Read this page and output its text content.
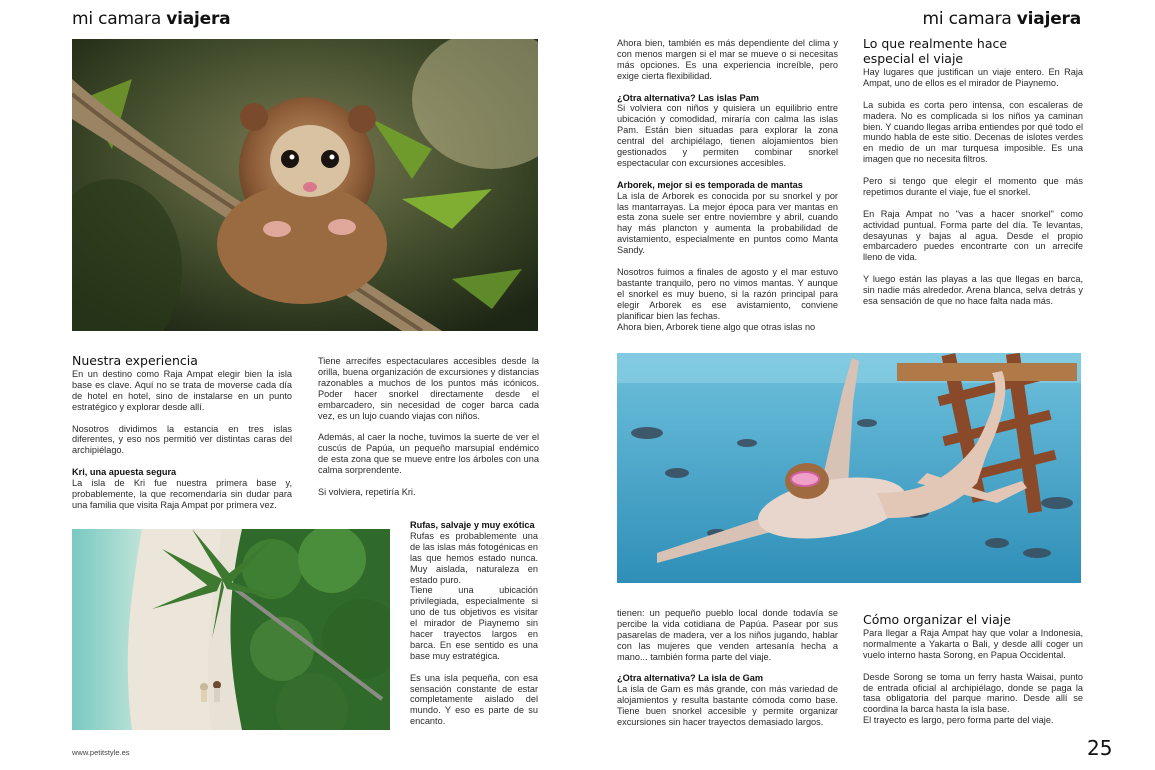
mi camara viajera	mi camara viajera
Nuestra experiencia

En un destino como Raja Ampat elegir bien la isla base es clave. Aquí no se trata de moverse cada día de hotel en hotel, sino de instalarse en un punto estratégico y explorar desde allí.

Nosotros dividimos la estancia en tres islas diferentes, y eso nos permitió ver distintas caras del archipiélago.

Kri, una apuesta segura

La isla de Kri fue nuestra primera base y, probablemente, la que recomendaría sin dudar para una familia que visita Raja Ampat por primera vez.

Tiene arrecifes espectaculares accesibles desde la orilla, buena organización de excursiones y distancias razonables a muchos de los puntos más icónicos. Poder hacer snorkel directamente desde el embarcadero, sin necesidad de coger barca cada vez, es un lujo cuando viajas con niños.

Además, al caer la noche, tuvimos la suerte de ver el cuscús de Papúa, un pequeño marsupial endémico de esta zona que se mueve entre los árboles con una calma sorprendente.

Si volviera, repetiría Kri.

Rufas, salvaje y muy exótica

Rufas es probablemente una de las islas más fotogénicas en las que hemos estado nunca. Muy aislada, naturaleza en estado puro.

Tiene una ubicación privilegiada, especialmente si uno de tus objetivos es visitar el mirador de Piaynemo sin hacer trayectos largos en barca. En ese sentido es una base muy estratégica.

Es una isla pequeña, con esa sensación constante de estar completamente aislado del mundo. Y eso es parte de su encanto.

Ahora bien, también es más dependiente del clima y con menos margen si el mar se mueve o si necesitas más opciones. Es una experiencia increíble, pero exige cierta flexibilidad.

¿Otra alternativa? Las islas Pam

Si volviera con niños y quisiera un equilibrio entre ubicación y comodidad, miraría con calma las islas Pam. Están bien situadas para explorar la zona central del archipiélago, tienen alojamientos bien gestionados y permiten combinar snorkel espectacular con excursiones accesibles.

Arborek, mejor si es temporada de mantas

La isla de Arborek es conocida por su snorkel y por las mantarrayas. La mejor época para ver mantas en esta zona suele ser entre noviembre y abril, cuando hay más plancton y aumenta la probabilidad de avistamiento, especialmente en puntos como Manta Sandy.

Nosotros fuimos a finales de agosto y el mar estuvo bastante tranquilo, pero no vimos mantas. Y aunque el snorkel es muy bueno, si la razón principal para elegir Arborek es ese avistamiento, conviene planificar bien las fechas.

Ahora bien, Arborek tiene algo que otras islas no

Lo que realmente hace especial el viaje

Hay lugares que justifican un viaje entero. En Raja Ampat, uno de ellos es el mirador de Piaynemo.

La subida es corta pero intensa, con escaleras de madera. No es complicada si los niños ya caminan bien. Y cuando llegas arriba entiendes por qué todo el mundo habla de este sitio. Decenas de islotes verdes en medio de un mar turquesa imposible. Es una imagen que no necesita filtros.

Pero si tengo que elegir el momento que más repetimos durante el viaje, fue el snorkel.

En Raja Ampat no "vas a hacer snorkel" como actividad puntual. Forma parte del día. Te levantas, desayunas y bajas al agua. Desde el propio embarcadero puedes encontrarte con un arrecife lleno de vida.

Y luego están las playas a las que llegas en barca, sin nadie más alrededor. Arena blanca, selva detrás y esa sensación de que no hace falta nada más.

tienen: un pequeño pueblo local donde todavía se percibe la vida cotidiana de Papúa. Pasear por sus pasarelas de madera, ver a los niños jugando, hablar con las mujeres que venden artesanía hecha a mano... también forma parte del viaje.

¿Otra alternativa? La isla de Gam

La isla de Gam es más grande, con más variedad de alojamientos y resulta bastante cómoda como base. Tiene buen snorkel accesible y permite organizar excursiones sin hacer trayectos demasiado largos.

Cómo organizar el viaje

Para llegar a Raja Ampat hay que volar a Indonesia, normalmente a Yakarta o Bali, y desde allí coger un vuelo interno hasta Sorong, en Papua Occidental.

Desde Sorong se toma un ferry hasta Waisai, punto de entrada oficial al archipiélago, donde se paga la tasa obligatoria del parque marino. Desde allí se coordina la barca hasta la isla base.

El trayecto es largo, pero forma parte del viaje.

www.petitstyle.es	25
